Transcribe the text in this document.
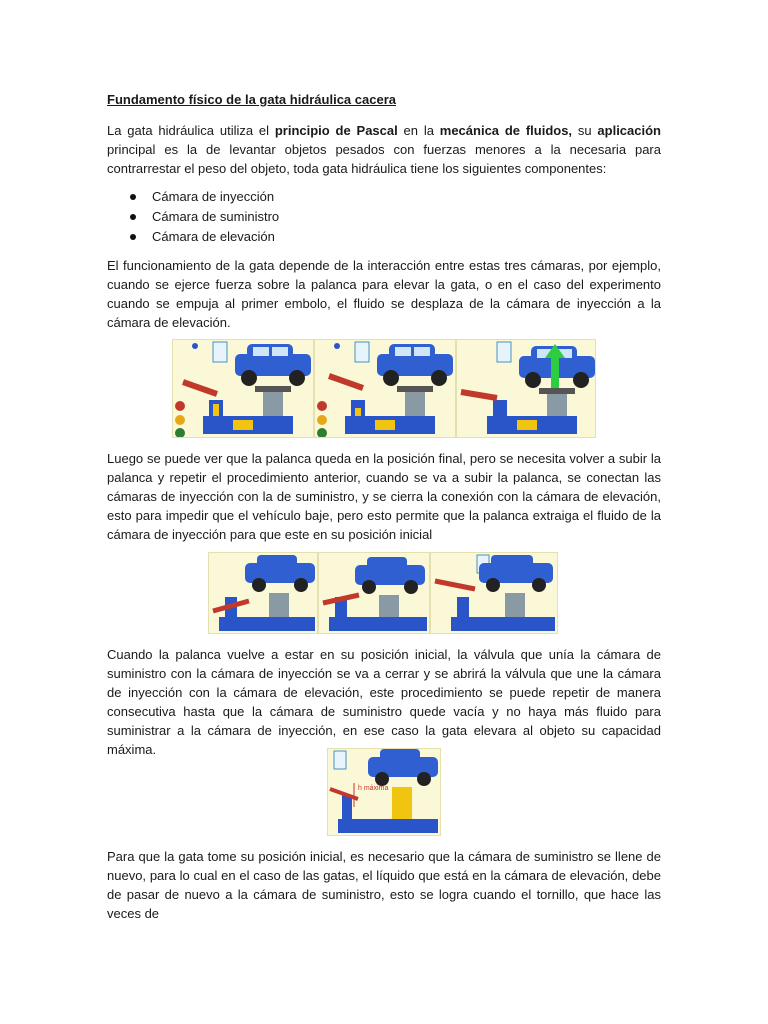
Fundamento físico de la gata hidráulica cacera

La gata hidráulica utiliza el principio de Pascal en la mecánica de fluidos, su aplicación principal es la de levantar objetos pesados con fuerzas menores a la necesaria para contrarrestar el peso del objeto, toda gata hidráulica tiene los siguientes componentes:

Cámara de inyección
Cámara de suministro
Cámara de elevación

El funcionamiento de la gata depende de la interacción entre estas tres cámaras, por ejemplo, cuando se ejerce fuerza sobre la palanca para elevar la gata, o en el caso del experimento cuando se empuja al primer embolo, el fluido se desplaza de la cámara de inyección a la cámara de elevación.

Luego se puede ver que la palanca queda en la posición final, pero se necesita volver a subir la palanca y repetir el procedimiento anterior, cuando se va a subir la palanca, se conectan las cámaras de inyección con la de suministro, y se cierra la conexión con la cámara de elevación, esto para impedir que el vehículo baje, pero esto permite que la palanca extraiga el fluido de la cámara de inyección para que este en su posición inicial

Cuando la palanca vuelve a estar en su posición inicial, la válvula que unía la cámara de suministro con la cámara de inyección se va a cerrar y se abrirá la válvula que une la cámara de inyección con la cámara de elevación, este procedimiento se puede repetir de manera consecutiva hasta que la cámara de suministro quede vacía y no haya más fluido para suministrar a la cámara de inyección, en ese caso la gata elevara al objeto su capacidad máxima.

Para que la gata tome su posición inicial, es necesario que la cámara de suministro se llene de nuevo, para lo cual en el caso de las gatas, el líquido que está en la cámara de elevación, debe de pasar de nuevo a la cámara de suministro, esto se logra cuando el tornillo, que hace las veces de

h máxima
